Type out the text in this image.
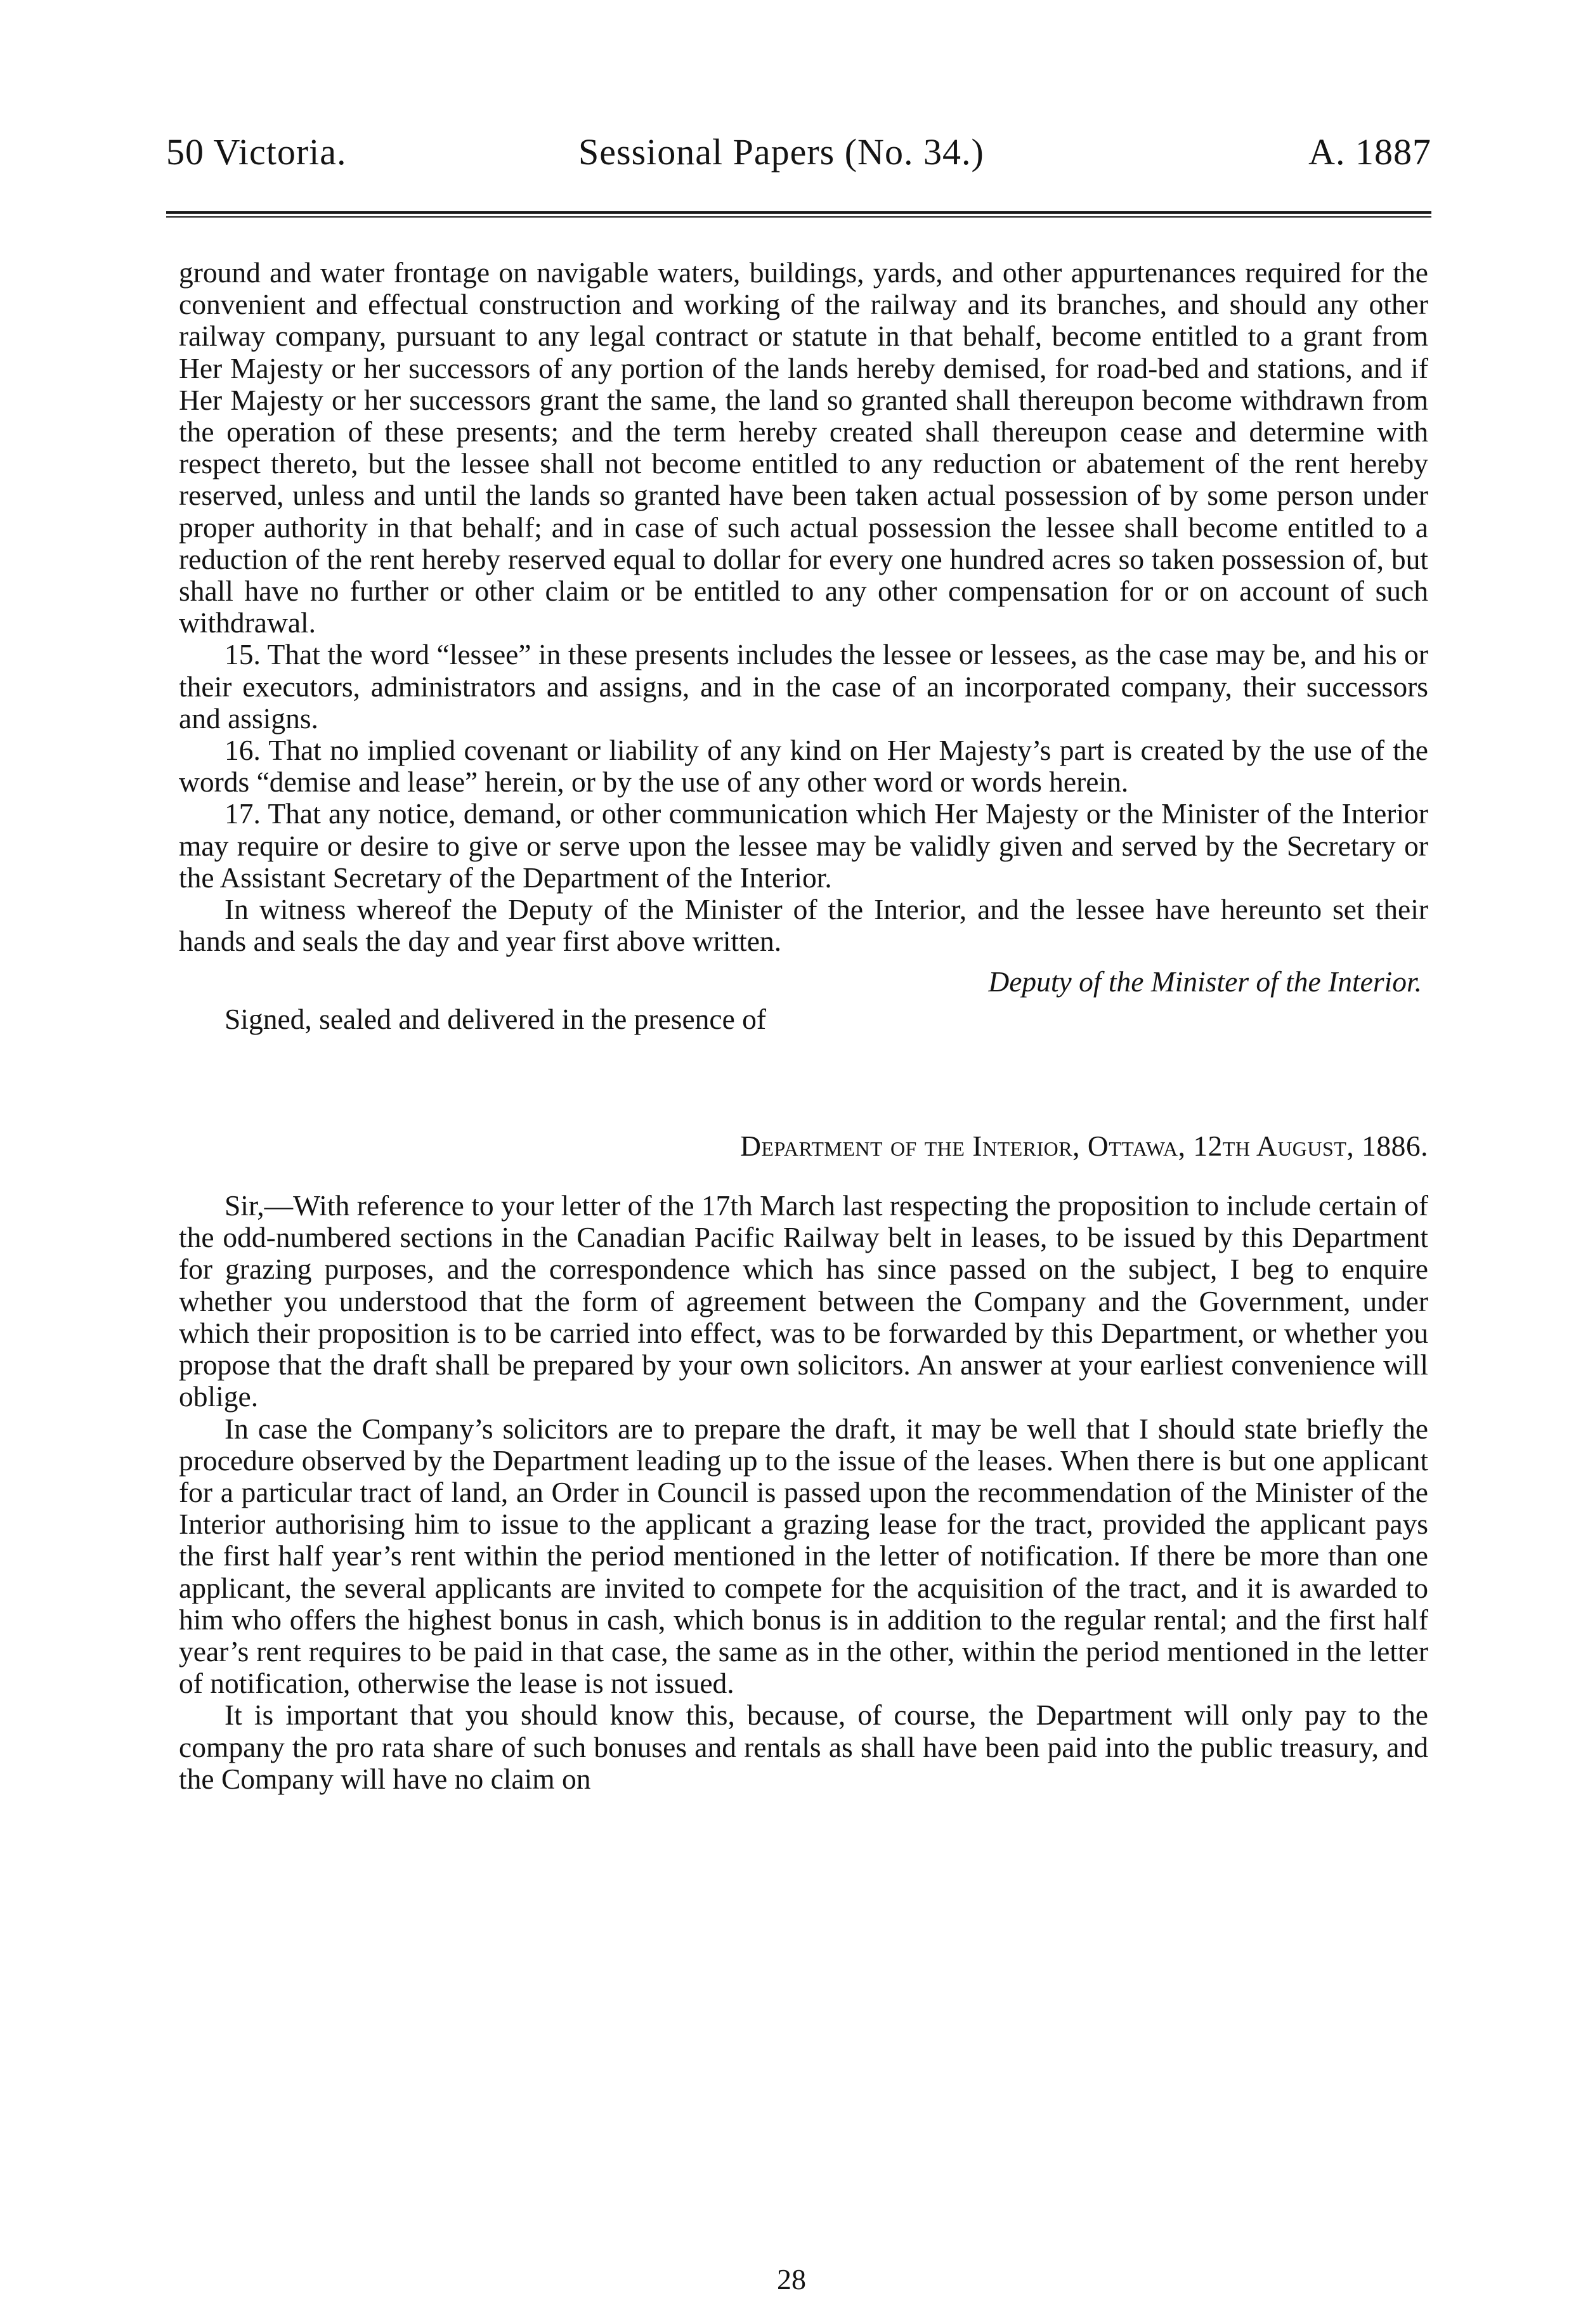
50 Victoria.	Sessional Papers (No. 34.)	A. 1887

ground and water frontage on navigable waters, buildings, yards, and other appurtenances required for the convenient and effectual construction and working of the railway and its branches, and should any other railway company, pursuant to any legal contract or statute in that behalf, become entitled to a grant from Her Majesty or her successors of any portion of the lands hereby demised, for road-bed and stations, and if Her Majesty or her successors grant the same, the land so granted shall thereupon become withdrawn from the operation of these presents; and the term hereby created shall thereupon cease and determine with respect thereto, but the lessee shall not become entitled to any reduction or abatement of the rent hereby reserved, unless and until the lands so granted have been taken actual possession of by some person under proper authority in that behalf; and in case of such actual possession the lessee shall become entitled to a reduction of the rent hereby reserved equal to dollar for every one hundred acres so taken possession of, but shall have no further or other claim or be entitled to any other compensation for or on account of such withdrawal.

15. That the word “lessee” in these presents includes the lessee or lessees, as the case may be, and his or their executors, administrators and assigns, and in the case of an incorporated company, their successors and assigns.

16. That no implied covenant or liability of any kind on Her Majesty’s part is created by the use of the words “demise and lease” herein, or by the use of any other word or words herein.

17. That any notice, demand, or other communication which Her Majesty or the Minister of the Interior may require or desire to give or serve upon the lessee may be validly given and served by the Secretary or the Assistant Secretary of the Department of the Interior.

In witness whereof the Deputy of the Minister of the Interior, and the lessee have hereunto set their hands and seals the day and year first above written.

Deputy of the Minister of the Interior.

Signed, sealed and delivered in the presence of

Department of the Interior, Ottawa, 12th August, 1886.

Sir,—With reference to your letter of the 17th March last respecting the proposition to include certain of the odd-numbered sections in the Canadian Pacific Railway belt in leases, to be issued by this Department for grazing purposes, and the correspondence which has since passed on the subject, I beg to enquire whether you understood that the form of agreement between the Company and the Government, under which their proposition is to be carried into effect, was to be forwarded by this Department, or whether you propose that the draft shall be prepared by your own solicitors. An answer at your earliest convenience will oblige.

In case the Company’s solicitors are to prepare the draft, it may be well that I should state briefly the procedure observed by the Department leading up to the issue of the leases. When there is but one applicant for a particular tract of land, an Order in Council is passed upon the recommendation of the Minister of the Interior authorising him to issue to the applicant a grazing lease for the tract, provided the applicant pays the first half year’s rent within the period mentioned in the letter of notification. If there be more than one applicant, the several applicants are invited to compete for the acquisition of the tract, and it is awarded to him who offers the highest bonus in cash, which bonus is in addition to the regular rental; and the first half year’s rent requires to be paid in that case, the same as in the other, within the period mentioned in the letter of notification, otherwise the lease is not issued.

It is important that you should know this, because, of course, the Department will only pay to the company the pro rata share of such bonuses and rentals as shall have been paid into the public treasury, and the Company will have no claim on

28
